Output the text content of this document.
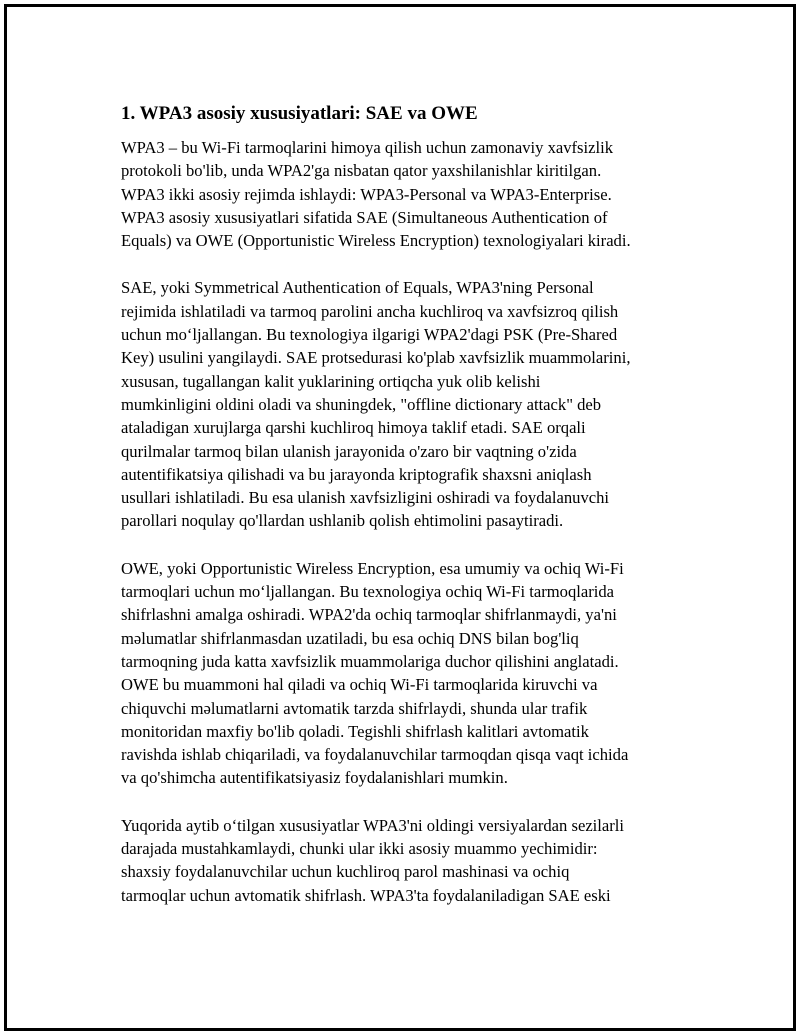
1. WPA3 asosiy xususiyatlari: SAE va OWE
WPA3 – bu Wi-Fi tarmoqlarini himoya qilish uchun zamonaviy xavfsizlik
protokoli bo'lib, unda WPA2'ga nisbatan qator yaxshilanishlar kiritilgan.
WPA3 ikki asosiy rejimda ishlaydi: WPA3-Personal va WPA3-Enterprise.
WPA3 asosiy xususiyatlari sifatida SAE (Simultaneous Authentication of
Equals) va OWE (Opportunistic Wireless Encryption) texnologiyalari kiradi.
SAE, yoki Symmetrical Authentication of Equals, WPA3'ning Personal
rejimida ishlatiladi va tarmoq parolini ancha kuchliroq va xavfsizroq qilish
uchun moʻljallangan. Bu texnologiya ilgarigi WPA2'dagi PSK (Pre-Shared
Key) usulini yangilaydi. SAE protsedurasi ko'plab xavfsizlik muammolarini,
xususan, tugallangan kalit yuklarining ortiqcha yuk olib kelishi
mumkinligini oldini oladi va shuningdek, "offline dictionary attack" deb
ataladigan xurujlarga qarshi kuchliroq himoya taklif etadi. SAE orqali
qurilmalar tarmoq bilan ulanish jarayonida o'zaro bir vaqtning o'zida
autentifikatsiya qilishadi va bu jarayonda kriptografik shaxsni aniqlash
usullari ishlatiladi. Bu esa ulanish xavfsizligini oshiradi va foydalanuvchi
parollari noqulay qo'llardan ushlanib qolish ehtimolini pasaytiradi.
OWE, yoki Opportunistic Wireless Encryption, esa umumiy va ochiq Wi-Fi
tarmoqlari uchun moʻljallangan. Bu texnologiya ochiq Wi-Fi tarmoqlarida
shifrlashni amalga oshiradi. WPA2'da ochiq tarmoqlar shifrlanmaydi, ya'ni
məlumatlar shifrlanmasdan uzatiladi, bu esa ochiq DNS bilan bog'liq
tarmoqning juda katta xavfsizlik muammolariga duchor qilishini anglatadi.
OWE bu muammoni hal qiladi va ochiq Wi-Fi tarmoqlarida kiruvchi va
chiquvchi məlumatlarni avtomatik tarzda shifrlaydi, shunda ular trafik
monitoridan maxfiy bo'lib qoladi. Tegishli shifrlash kalitlari avtomatik
ravishda ishlab chiqariladi, va foydalanuvchilar tarmoqdan qisqa vaqt ichida
va qo'shimcha autentifikatsiyasiz foydalanishlari mumkin.
Yuqorida aytib oʻtilgan xususiyatlar WPA3'ni oldingi versiyalardan sezilarli
darajada mustahkamlaydi, chunki ular ikki asosiy muammo yechimidir:
shaxsiy foydalanuvchilar uchun kuchliroq parol mashinasi va ochiq
tarmoqlar uchun avtomatik shifrlash. WPA3'ta foydalaniladigan SAE eski
